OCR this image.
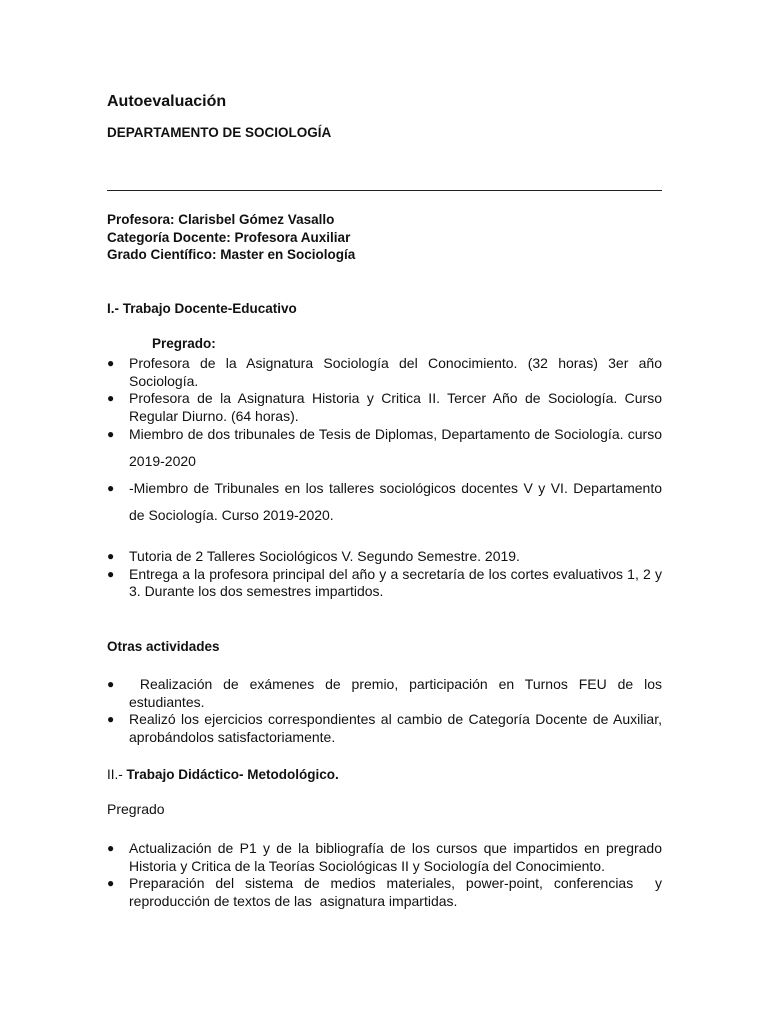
Autoevaluación
DEPARTAMENTO DE SOCIOLOGÍA
Profesora: Clarisbel Gómez Vasallo
Categoría Docente: Profesora Auxiliar
Grado Científico: Master en Sociología
I.- Trabajo Docente-Educativo
Pregrado:
● Profesora de la Asignatura Sociología del Conocimiento. (32 horas) 3er año Sociología.
● Profesora de la Asignatura Historia y Critica II. Tercer Año de Sociología. Curso Regular Diurno. (64 horas).
● Miembro de dos tribunales de Tesis de Diplomas, Departamento de Sociología. curso 2019-2020
● -Miembro de Tribunales en los talleres sociológicos docentes V y VI. Departamento de Sociología. Curso 2019-2020.
● Tutoria de 2 Talleres Sociológicos V. Segundo Semestre. 2019.
● Entrega a la profesora principal del año y a secretaría de los cortes evaluativos 1, 2 y 3. Durante los dos semestres impartidos.
Otras actividades
● Realización de exámenes de premio, participación en Turnos FEU de los estudiantes.
● Realizó los ejercicios correspondientes al cambio de Categoría Docente de Auxiliar, aprobándolos satisfactoriamente.
II.- Trabajo Didáctico- Metodológico.
Pregrado
● Actualización de P1 y de la bibliografía de los cursos que impartidos en pregrado Historia y Critica de la Teorías Sociológicas II y Sociología del Conocimiento.
● Preparación del sistema de medios materiales, power-point, conferencias  y reproducción de textos de las  asignatura impartidas.
